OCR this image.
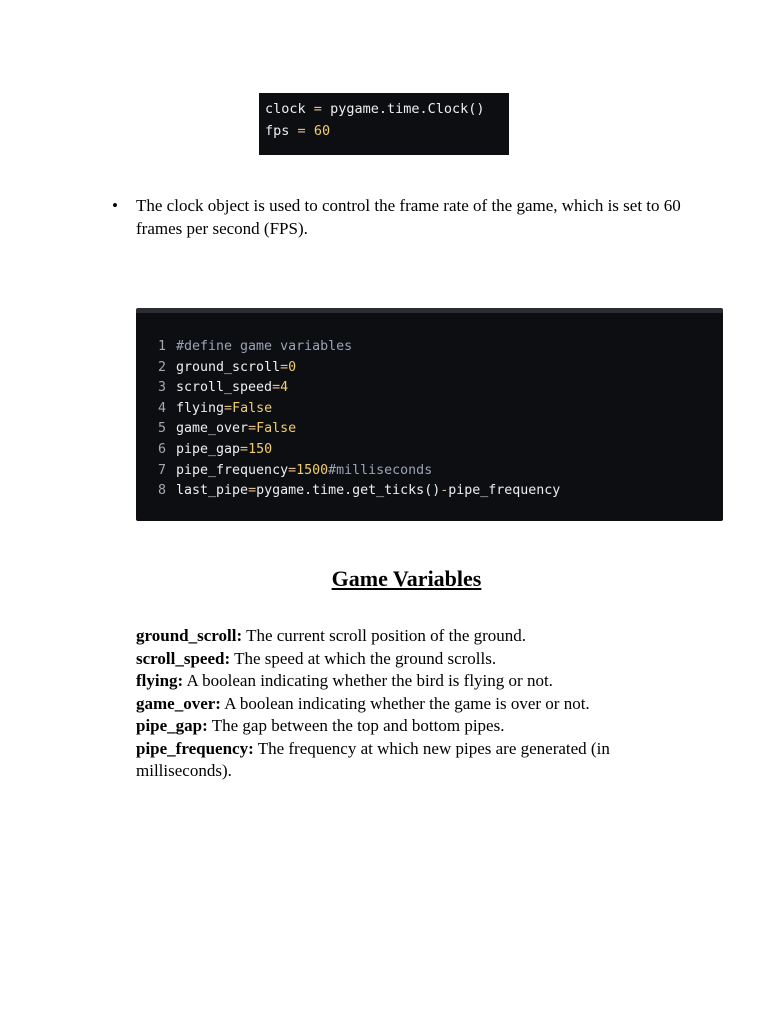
clock = pygame.time.Clock()
fps = 60
• The clock object is used to control the frame rate of the game, which is set to 60 frames per second (FPS).
1 #define game variables
2 ground_scroll = 0
3 scroll_speed = 4
4 flying = False
5 game_over = False
6 pipe_gap = 150
7 pipe_frequency = 1500 #milliseconds
8 last_pipe = pygame.time.get_ticks() - pipe_frequency
Game Variables
ground_scroll: The current scroll position of the ground.
scroll_speed: The speed at which the ground scrolls.
flying: A boolean indicating whether the bird is flying or not.
game_over: A boolean indicating whether the game is over or not.
pipe_gap: The gap between the top and bottom pipes.
pipe_frequency: The frequency at which new pipes are generated (in milliseconds).
